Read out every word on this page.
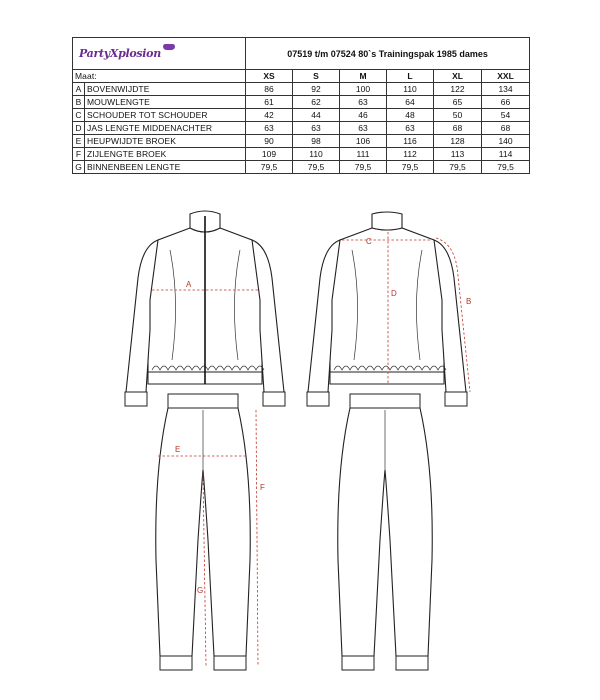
PartyXplosion		07519 t/m 07524 80`s Trainingspak 1985 dames					
Maat:		XS	S	M	L	XL	XXL
A	BOVENWIJDTE	86	92	100	110	122	134
B	MOUWLENGTE	61	62	63	64	65	66
C	SCHOUDER TOT SCHOUDER	42	44	46	48	50	54
D	JAS LENGTE MIDDENACHTER	63	63	63	63	68	68
E	HEUPWIJDTE BROEK	90	98	106	116	128	140
F	ZIJLENGTE BROEK	109	110	111	112	113	114
G	BINNENBEEN LENGTE	79,5	79,5	79,5	79,5	79,5	79,5
A
C
D
B
E
F
G
